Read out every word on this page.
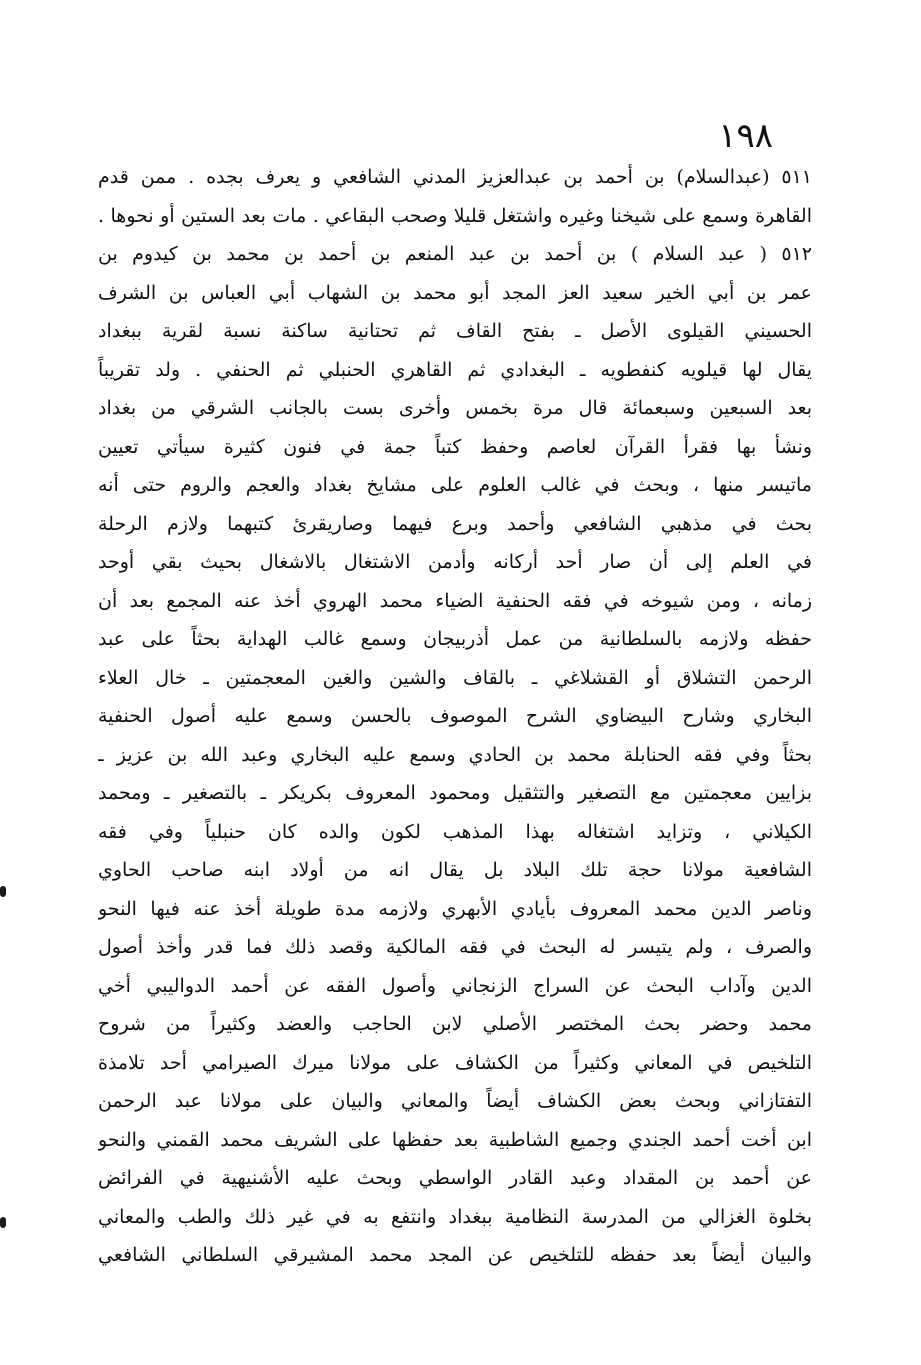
١٩٨
٥١١ (عبدالسلام) بن أحمد بن عبدالعزيز المدني الشافعي و يعرف بجده . ممن قدم
القاهرة وسمع على شيخنا وغيره واشتغل قليلا وصحب البقاعي . مات بعد الستين أو نحوها .
٥١٢ ( عبد السلام ) بن أحمد بن عبد المنعم بن أحمد بن محمد بن كيدوم بن
عمر بن أبي الخير سعيد العز المجد أبو محمد بن الشهاب أبي العباس بن الشرف
الحسيني القيلوى الأصل ـ بفتح القاف ثم تحتانية ساكنة نسبة لقرية ببغداد
يقال لها قيلويه كنفطويه ـ البغدادي ثم القاهري الحنبلي ثم الحنفي . ولد تقريباً
بعد السبعين وسبعمائة قال مرة بخمس وأخرى بست بالجانب الشرقي من بغداد
ونشأ بها فقرأ القرآن لعاصم وحفظ كتباً جمة في فنون كثيرة سيأتي تعيين
ماتيسر منها ، وبحث في غالب العلوم على مشايخ بغداد والعجم والروم حتى أنه
بحث في مذهبي الشافعي وأحمد وبرع فيهما وصاريقرئ كتبهما ولازم الرحلة
في العلم إلى أن صار أحد أركانه وأدمن الاشتغال بالاشغال بحيث بقي أوحد
زمانه ، ومن شيوخه في فقه الحنفية الضياء محمد الهروي أخذ عنه المجمع بعد أن
حفظه ولازمه بالسلطانية من عمل أذربيجان وسمع غالب الهداية بحثاً على عبد
الرحمن التشلاق أو القشلاغي ـ بالقاف والشين والغين المعجمتين ـ خال العلاء
البخاري وشارح البيضاوي الشرح الموصوف بالحسن وسمع عليه أصول الحنفية
بحثاً وفي فقه الحنابلة محمد بن الحادي وسمع عليه البخاري وعبد الله بن عزيز ـ
بزايين معجمتين مع التصغير والتثقيل ومحمود المعروف بكريكر ـ بالتصغير ـ ومحمد
الكيلاني ، وتزايد اشتغاله بهذا المذهب لكون والده كان حنبلياً وفي فقه
الشافعية مولانا حجة تلك البلاد بل يقال انه من أولاد ابنه صاحب الحاوي
وناصر الدين محمد المعروف بأيادي الأبهري ولازمه مدة طويلة أخذ عنه فيها النحو
والصرف ، ولم يتيسر له البحث في فقه المالكية وقصد ذلك فما قدر وأخذ أصول
الدين وآداب البحث عن السراج الزنجاني وأصول الفقه عن أحمد الدواليبي أخي
محمد وحضر بحث المختصر الأصلي لابن الحاجب والعضد وكثيراً من شروح
التلخيص في المعاني وكثيراً من الكشاف على مولانا ميرك الصيرامي أحد تلامذة
التفتازاني وبحث بعض الكشاف أيضاً والمعاني والبيان على مولانا عبد الرحمن
ابن أخت أحمد الجندي وجميع الشاطبية بعد حفظها على الشريف محمد القمني والنحو
عن أحمد بن المقداد وعبد القادر الواسطي وبحث عليه الأشنيهية في الفرائض
بخلوة الغزالي من المدرسة النظامية ببغداد وانتفع به في غير ذلك والطب والمعاني
والبيان أيضاً بعد حفظه للتلخيص عن المجد محمد المشيرقي السلطاني الشافعي
